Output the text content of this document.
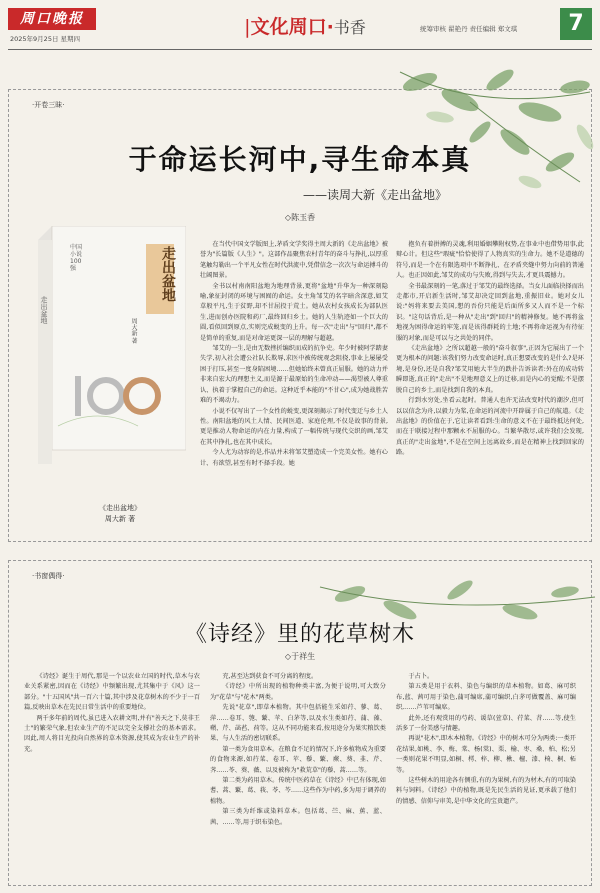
周口晚报
2025年9月25日 星期四
|文化周口·书香	统筹审核 翟艳丹 责任编辑 郑文琪	7
·开卷三昧·
于命运长河中,寻生命本真
——读周大新《走出盆地》
◇陈玉香
走出盆地
中国小说100强	走出盆地
周大新 著
《走出盆地》
周大新 著

在当代中国文学版图上,茅盾文学奖得主周大新的《走出盆地》被誉为"长篇版《人生》"。这部作品聚焦农村青年的奋斗与挣扎,以厚重笔触勾勒出一个平凡女性在时代洪流中,凭借信念一次次与命运搏斗的壮阔图景。

全书以村南南阳盆地为地理背景,更将"盆地"升华为一种深刻隐喻,象征封闭的环境与困囿的命运。女主角邹艾的名字暗含深意,如艾草般平凡,生于贫野,却不甘屈投于荒土。她从农村女孩成长为部队医生,进而创办医院和药厂,最终回归乡土。她的人生轨迹如一个巨大的圆,看似回到原点,实则完成蜕变的上升。每一次"走出"与"回归",都不是简单的重复,而是对命运更深一层的理解与超越。

邹艾的一生,是由无数挫折编织而成的抗争史。年少时被阿学踏妻失学,初入社会遭公社队长欺辱,求医中被传统观念阻挠,事业上屡屡受困于打压,甚至一度身陷困境……但她始终未曾真正屈服。她的动力并非来自宏大的理想主义,而是源于最原始的生命冲动——渴望被人尊重认、执着于掌握自己的命运。这种近乎本能的"不甘心",成为她战胜苦难的不竭动力。

小说不仅写出了一个女性的蜕变,更深刻揭示了时代变迁与乡土人性。南阳盆地的风土人情、民间医道、家庭伦理,不仅是故事的背景,更是推动人物命运的内在力量,构成了一幅传统与现代交织的画,邹艾在其中挣扎,也在其中成长。

令人尤为动容的是,作品并未将邹艾塑造成一个完美女性。她有心计、有欲望,甚至有时不择手段。她

抱负有着拼搏的灵魂,利用婚姻攀附权势,在事业中也借势用事,此辩心计。但这些"瑕疵"恰恰使得了人物真实的生命力。她不是道德的符号,而是一个在有限选项中不断挣扎、在矛盾夹缝中努力向前的普通人。也正因如此,邹艾的成功与失败,得到与失去,才更具震撼力。

全书最深刻的一笔,落过于邹艾的最终选择。当女儿面临抉择而出走都市,开启新生活时,邹艾却决定回到盆地,重振旧业。她对女儿说:"妈将来要去美国,想的吾份只能是后面所多又人而不是一个标识。"这句话背后,是一种从"走出"到"回归"的精神修复。她不再将盆地视为困得命运的牢笼,而是该得群耗的土地;不再将命运视为有待征服的对象,而是可以与之共处的同伴。

《走出盆地》之所以超越一般的"奋斗叙事",正因为它展出了一个更为根本的问题:该我们努力改变命运时,真正想要改变的是什么?是环境,是身份,还是自我?邹艾用她大半生的跌扑告诉读者:外在的成功转瞬即逝,真正的"走出"不是地理意义上的迁移,而是内心的觉醒;不是摆脱自己的乡土,而是找到自我的本真。

行到水穷处,坐看云起时。普通人也许无法改变时代的潮汐,但可以以信念为舟,以毅力为桨,在命运的河流中开辟属于自己的航道。《走出盆地》的价值在于,它让读者看到:生命的意义不在于最终抵达何处,而在于联接过程中那颗永不屈服的心。当繁华散尽,或许我们会发现,真正的"走出盆地",不是在空间上远离故乡,而是在精神上找到回家的路。

·书窗偶得·
《诗经》里的花草树木
◇于祥生

《诗经》诞生于周代,那是一个以农业立国的时代,草木与农业关系紧密,因而在《诗经》中频繁出现,尤其集中于《风》这一部分。"十五国风"共一百六十篇,其中涉及花草树木的不少于一百篇,反映出草木在先民日常生活中的重要地位。

两千多年前的周代,虽已进入农耕文明,并有"善天之下,莫非王土"的繁荣气象,但农业生产的不足以完全支撑社会的基本需求。因此,周人将目光投向自然界的草木资源,使其成为农业生产的补充。

充,甚至达到获食不可分离的程度。

《诗经》中所出现的植物种类丰富,为便于说明,可大致分为"花草"与"花木"两类。

先说"花草",即草本植物。其中包括能生采如荇、蓼、葛、萍……卷耳、匏、蘩、苹、白茅等,以及水生类如荇、蒲、藻、蘋、芹、菡萏、荷等。这从不同功能来看,按用途分为果实粮饮类果、与人生活的密切联系。

第一类为食用草本。在粮食不足的情况下,许多植物成为重要的食物来源,如荇菜、卷耳、苹、藜、蘩、蕨、葵、韭、芹、荠……苓、葵、薇、以及被称为"救荒草"的藜、蒿……等。

第二类为药用草木。传统中医药草在《诗经》中已有体现,如蓍、蒿、蘩、葛、莪、苓、芩……这些作为中药,多为用于调养的植物。

第三类为纤维或染料草本。包括葛、苎、麻、蕉、蓝、茜、……等,用于织布染色。

于占卜。

第五类是用于衣料、染色与编织的草本植物。如葛、麻可织布,蓝、茜可用于染色,蒲可编席,蒲可编织,白茅可做覆盖、麻可编织,……芦苇可编席。

此外,还有观赏用的芍药、谖草(萱草)、荇菜、苕……等,使生活多了一份美感与情趣。

再说"花木",即木本植物。《诗经》中的树木可分为两类:一类开花结果,如桃、李、梅、棠、杨(棠)、栗、榆、枣、桑、柏、松;另一类则花果不明显,如桐、樗、梓、柳、楸、檀、漆、椅、桐、柘等。

这些树木的用途各有侧重,有的为果树,有的为材木,有的可取染料与饲料。《诗经》中的植物,既是先民生活的见证,更承载了他们的情感、信仰与审美,是中华文化的宝贵遗产。
